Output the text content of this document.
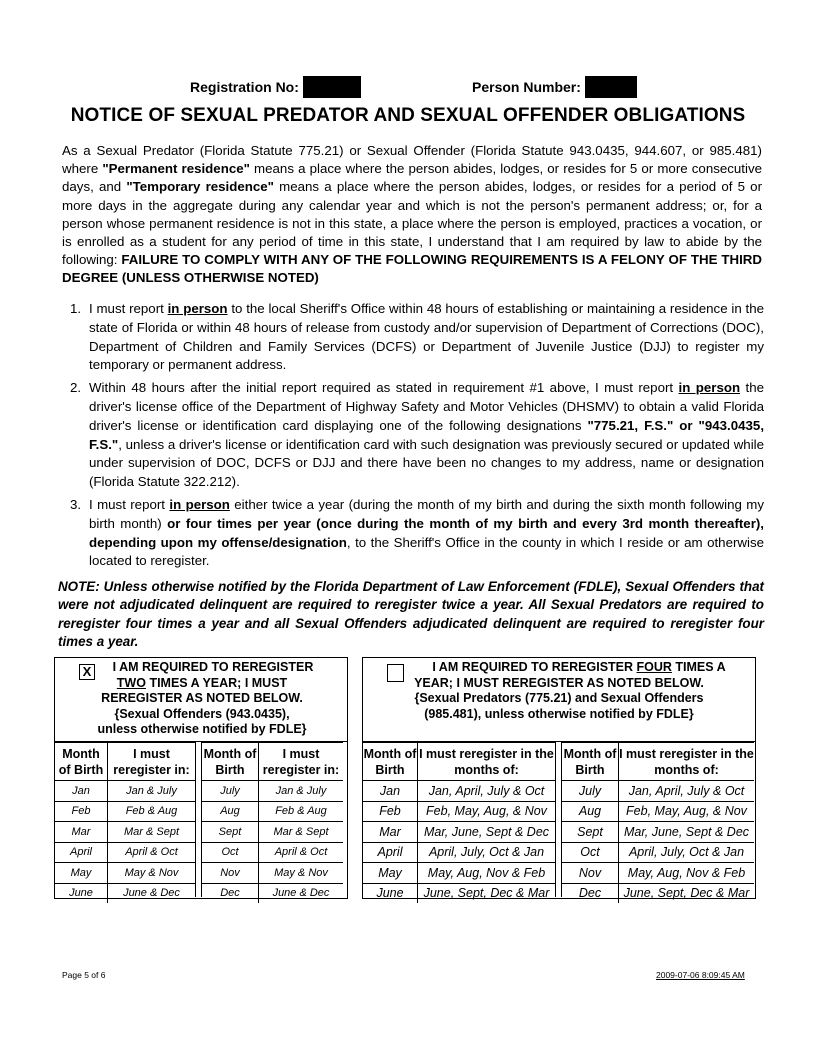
Registration No:	Person Number:
NOTICE OF SEXUAL PREDATOR AND SEXUAL OFFENDER OBLIGATIONS

As a Sexual Predator (Florida Statute 775.21) or Sexual Offender (Florida Statute 943.0435, 944.607, or 985.481) where "Permanent residence" means a place where the person abides, lodges, or resides for 5 or more consecutive days, and "Temporary residence" means a place where the person abides, lodges, or resides for a period of 5 or more days in the aggregate during any calendar year and which is not the person's permanent address; or, for a person whose permanent residence is not in this state, a place where the person is employed, practices a vocation, or is enrolled as a student for any period of time in this state, I understand that I am required by law to abide by the following: FAILURE TO COMPLY WITH ANY OF THE FOLLOWING REQUIREMENTS IS A FELONY OF THE THIRD DEGREE (UNLESS OTHERWISE NOTED)

1. I must report in person to the local Sheriff's Office within 48 hours of establishing or maintaining a residence in the state of Florida or within 48 hours of release from custody and/or supervision of Department of Corrections (DOC), Department of Children and Family Services (DCFS) or Department of Juvenile Justice (DJJ) to register my temporary or permanent address.
2. Within 48 hours after the initial report required as stated in requirement #1 above, I must report in person the driver's license office of the Department of Highway Safety and Motor Vehicles (DHSMV) to obtain a valid Florida driver's license or identification card displaying one of the following designations "775.21, F.S." or "943.0435, F.S.", unless a driver's license or identification card with such designation was previously secured or updated while under supervision of DOC, DCFS or DJJ and there have been no changes to my address, name or designation (Florida Statute 322.212).
3. I must report in person either twice a year (during the month of my birth and during the sixth month following my birth month) or four times per year (once during the month of my birth and every 3rd month thereafter), depending upon my offense/designation, to the Sheriff's Office in the county in which I reside or am otherwise located to reregister.

NOTE: Unless otherwise notified by the Florida Department of Law Enforcement (FDLE), Sexual Offenders that were not adjudicated delinquent are required to reregister twice a year. All Sexual Predators are required to reregister four times a year and all Sexual Offenders adjudicated delinquent are required to reregister four times a year.

X	I AM REQUIRED TO REREGISTER
TWO TIMES A YEAR; I MUST
REREGISTER AS NOTED BELOW.
{Sexual Offenders (943.0435),
unless otherwise notified by FDLE}
Month of Birth	I must reregister in:
Jan	Jan & July
Feb	Feb & Aug
Mar	Mar & Sept
April	April & Oct
May	May & Nov
June	June & Dec
Month of Birth	I must reregister in:
July	Jan & July
Aug	Feb & Aug
Sept	Mar & Sept
Oct	April & Oct
Nov	May & Nov
Dec	June & Dec
I AM REQUIRED TO REREGISTER FOUR TIMES A
YEAR; I MUST REREGISTER AS NOTED BELOW.
{Sexual Predators (775.21) and Sexual Offenders
(985.481), unless otherwise notified by FDLE}
Month of Birth	I must reregister in the months of:
Jan	Jan, April, July & Oct
Feb	Feb, May, Aug, & Nov
Mar	Mar, June, Sept & Dec
April	April, July, Oct & Jan
May	May, Aug, Nov & Feb
June	June, Sept, Dec & Mar
Month of Birth	I must reregister in the months of:
July	Jan, April, July & Oct
Aug	Feb, May, Aug, & Nov
Sept	Mar, June, Sept & Dec
Oct	April, July, Oct & Jan
Nov	May, Aug, Nov & Feb
Dec	June, Sept, Dec & Mar
Page 5 of 6	2009-07-06 8:09:45 AM
